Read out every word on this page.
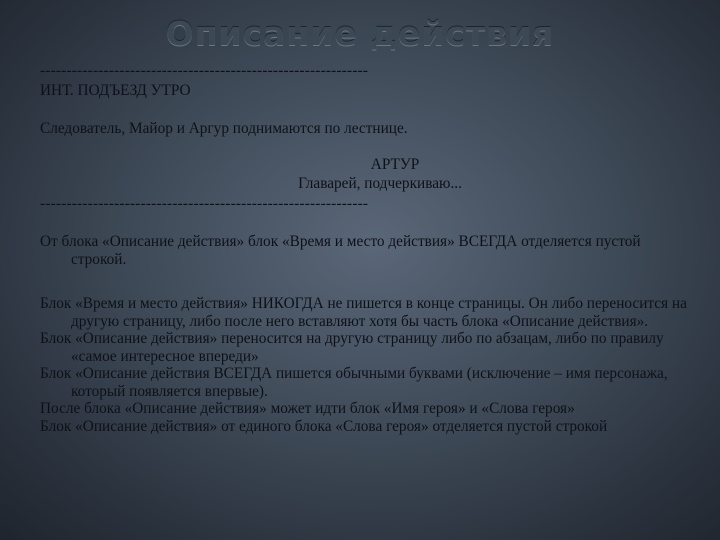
Описание действия
--------------------------------------------------------------
ИНТ. ПОДЪЕЗД УТРО
Следователь, Майор и Аргур поднимаются по лестнице.
АРТУР
Главарей, подчеркиваю...
--------------------------------------------------------------

От блока «Описание действия» блок «Время и место действия» ВСЕГДА отделяется пустой строкой.

Блок «Время и место действия» НИКОГДА не пишется в конце страницы. Он либо переносится на другую страницу, либо после него вставляют хотя бы часть блока «Описание действия».

Блок «Описание действия» переносится на другую страницу либо по абзацам, либо по правилу «самое интересное впереди»

Блок «Описание действия ВСЕГДА пишется обычными буквами (исключение – имя персонажа, который появляется впервые).

После блока «Описание действия» может идти блок «Имя героя» и «Слова героя»

Блок «Описание действия» от единого блока «Слова героя» отделяется пустой строкой
